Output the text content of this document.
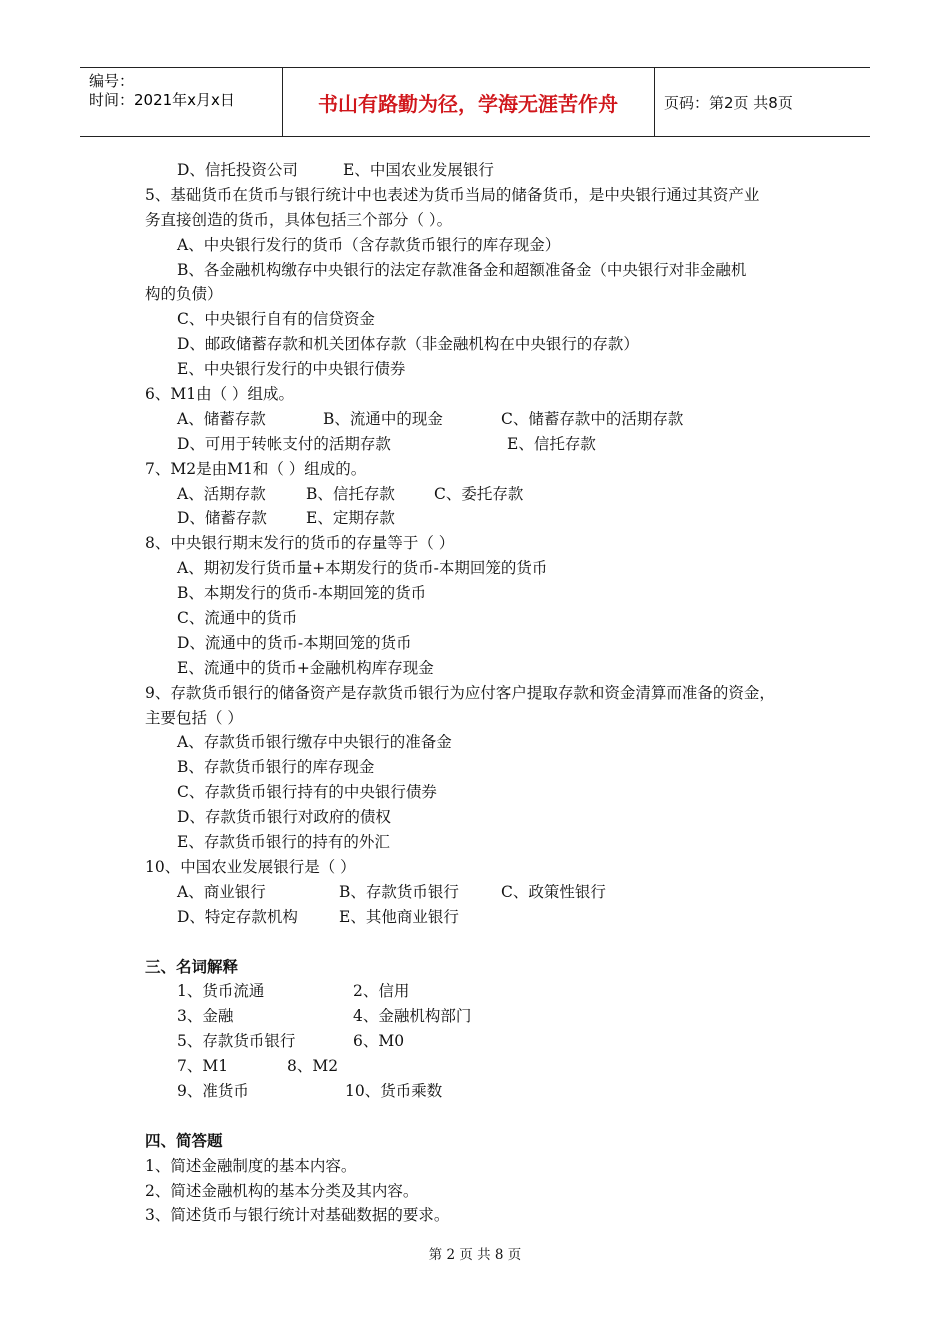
编号：
时间：2021年x月x日	书山有路勤为径，学海无涯苦作舟	页码：第2页 共8页
D、信托投资公司	E、中国农业发展银行
5、基础货币在货币与银行统计中也表述为货币当局的储备货币，是中央银行通过其资产业
务直接创造的货币，具体包括三个部分（ ）。
A、中央银行发行的货币（含存款货币银行的库存现金）
B、各金融机构缴存中央银行的法定存款准备金和超额准备金（中央银行对非金融机
构的负债）
C、中央银行自有的信贷资金
D、邮政储蓄存款和机关团体存款（非金融机构在中央银行的存款）
E、中央银行发行的中央银行债券
6、M1由（ ）组成。
A、储蓄存款	B、流通中的现金	C、储蓄存款中的活期存款
D、可用于转帐支付的活期存款	E、信托存款
7、M2是由M1和（ ）组成的。
A、活期存款	B、信托存款	C、委托存款
D、储蓄存款	E、定期存款
8、中央银行期末发行的货币的存量等于（ ）
A、期初发行货币量+本期发行的货币-本期回笼的货币
B、本期发行的货币-本期回笼的货币
C、流通中的货币
D、流通中的货币-本期回笼的货币
E、流通中的货币+金融机构库存现金
9、存款货币银行的储备资产是存款货币银行为应付客户提取存款和资金清算而准备的资金，
主要包括（ ）
A、存款货币银行缴存中央银行的准备金
B、存款货币银行的库存现金
C、存款货币银行持有的中央银行债券
D、存款货币银行对政府的债权
E、存款货币银行的持有的外汇
10、中国农业发展银行是（ ）
A、商业银行	B、存款货币银行	C、政策性银行
D、特定存款机构	E、其他商业银行
三、名词解释
1、货币流通	2、信用
3、金融	4、金融机构部门
5、存款货币银行	6、M0
7、M1	8、M2
9、准货币	10、货币乘数
四、简答题
1、简述金融制度的基本内容。
2、简述金融机构的基本分类及其内容。
3、简述货币与银行统计对基础数据的要求。
第 2 页 共 8 页
